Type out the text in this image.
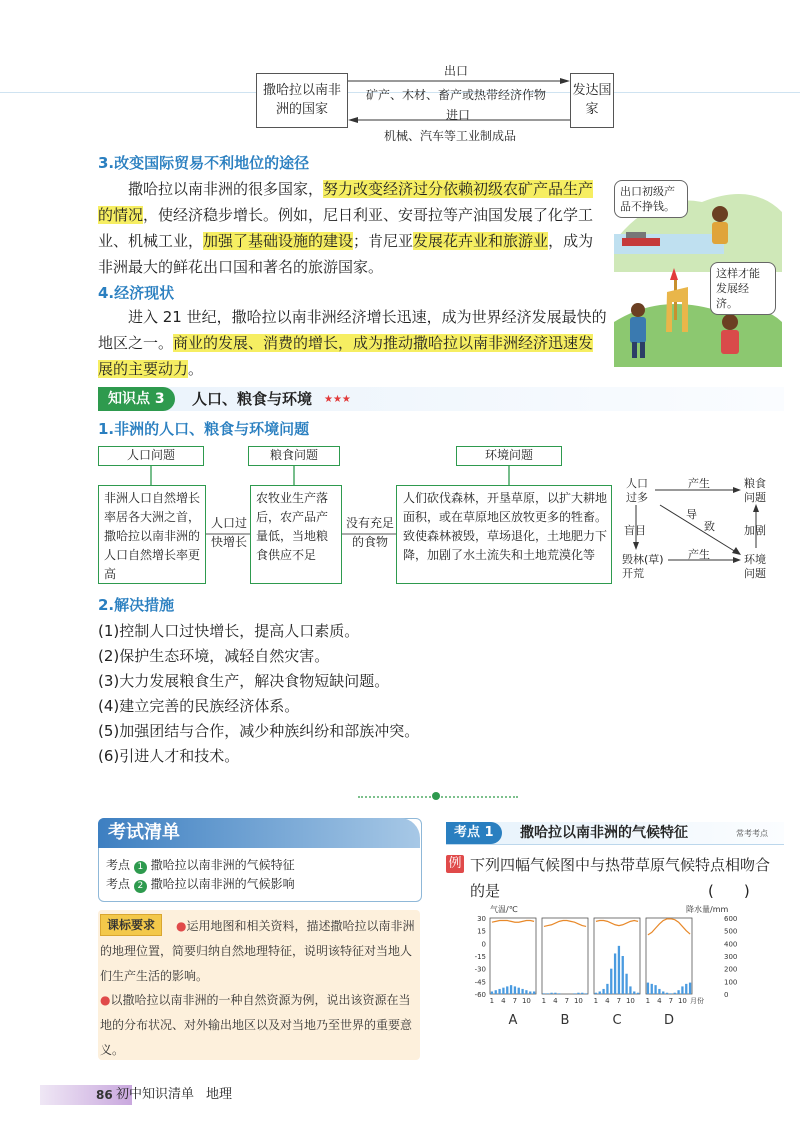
撒哈拉以南非洲的国家
发达国家
出口
矿产、木材、畜产或热带经济作物
进口
机械、汽车等工业制成品
3.改变国际贸易不利地位的途径
撒哈拉以南非洲的很多国家，努力改变经济过分依赖初级农矿产品生产的情况，使经济稳步增长。例如，尼日利亚、安哥拉等产油国发展了化学工业、机械工业，加强了基础设施的建设；肯尼亚发展花卉业和旅游业，成为非洲最大的鲜花出口国和著名的旅游国家。
4.经济现状
进入 21 世纪，撒哈拉以南非洲经济增长迅速，成为世界经济发展最快的地区之一。商业的发展、消费的增长，成为推动撒哈拉以南非洲经济迅速发展的主要动力。
出口初级产品不挣钱。
这样才能发展经济。
知识点 3	人口、粮食与环境 ★★★
1.非洲的人口、粮食与环境问题
人口问题	粮食问题	环境问题
非洲人口自然增长率居各大洲之首，撒哈拉以南非洲的人口自然增长率更高
人口过快增长
农牧业生产落后，农产品产量低，当地粮食供应不足
没有充足的食物
人们砍伐森林，开垦草原，以扩大耕地面积，或在草原地区放牧更多的牲畜。致使森林被毁，草场退化，土地肥力下降，加剧了水土流失和土地荒漠化等
人口过多
粮食问题
毁林(草)开荒
环境问题
产生
产生
导
致
盲目	加剧
2.解决措施
(1)控制人口过快增长，提高人口素质。
(2)保护生态环境，减轻自然灾害。
(3)大力发展粮食生产，解决食物短缺问题。
(4)建立完善的民族经济体系。
(5)加强团结与合作，减少种族纠纷和部族冲突。
(6)引进人才和技术。
考试清单
考点 1 撒哈拉以南非洲的气候特征
考点 2 撒哈拉以南非洲的气候影响
课标要求	●运用地图和相关资料，描述撒哈拉以南非洲的地理位置，简要归纳自然地理特征，说明该特征对当地人们生产生活的影响。
●以撒哈拉以南非洲的一种自然资源为例，说出该资源在当地的分布状况、对外输出地区以及对当地乃至世界的重要意义。
考点 1	撒哈拉以南非洲的气候特征	常考考点
例 下列四幅气候图中与热带草原气候特点相吻合的是	(　　)
气温/℃	降水量/mm
30
15
0
-15
-30
-45
-60
600
500
400
300
200
100
0
1 4 7 10
A
1 4 7 10
B
1 4 7 10
C
1 4 7 10
D
月份
86 初中知识清单 地理
